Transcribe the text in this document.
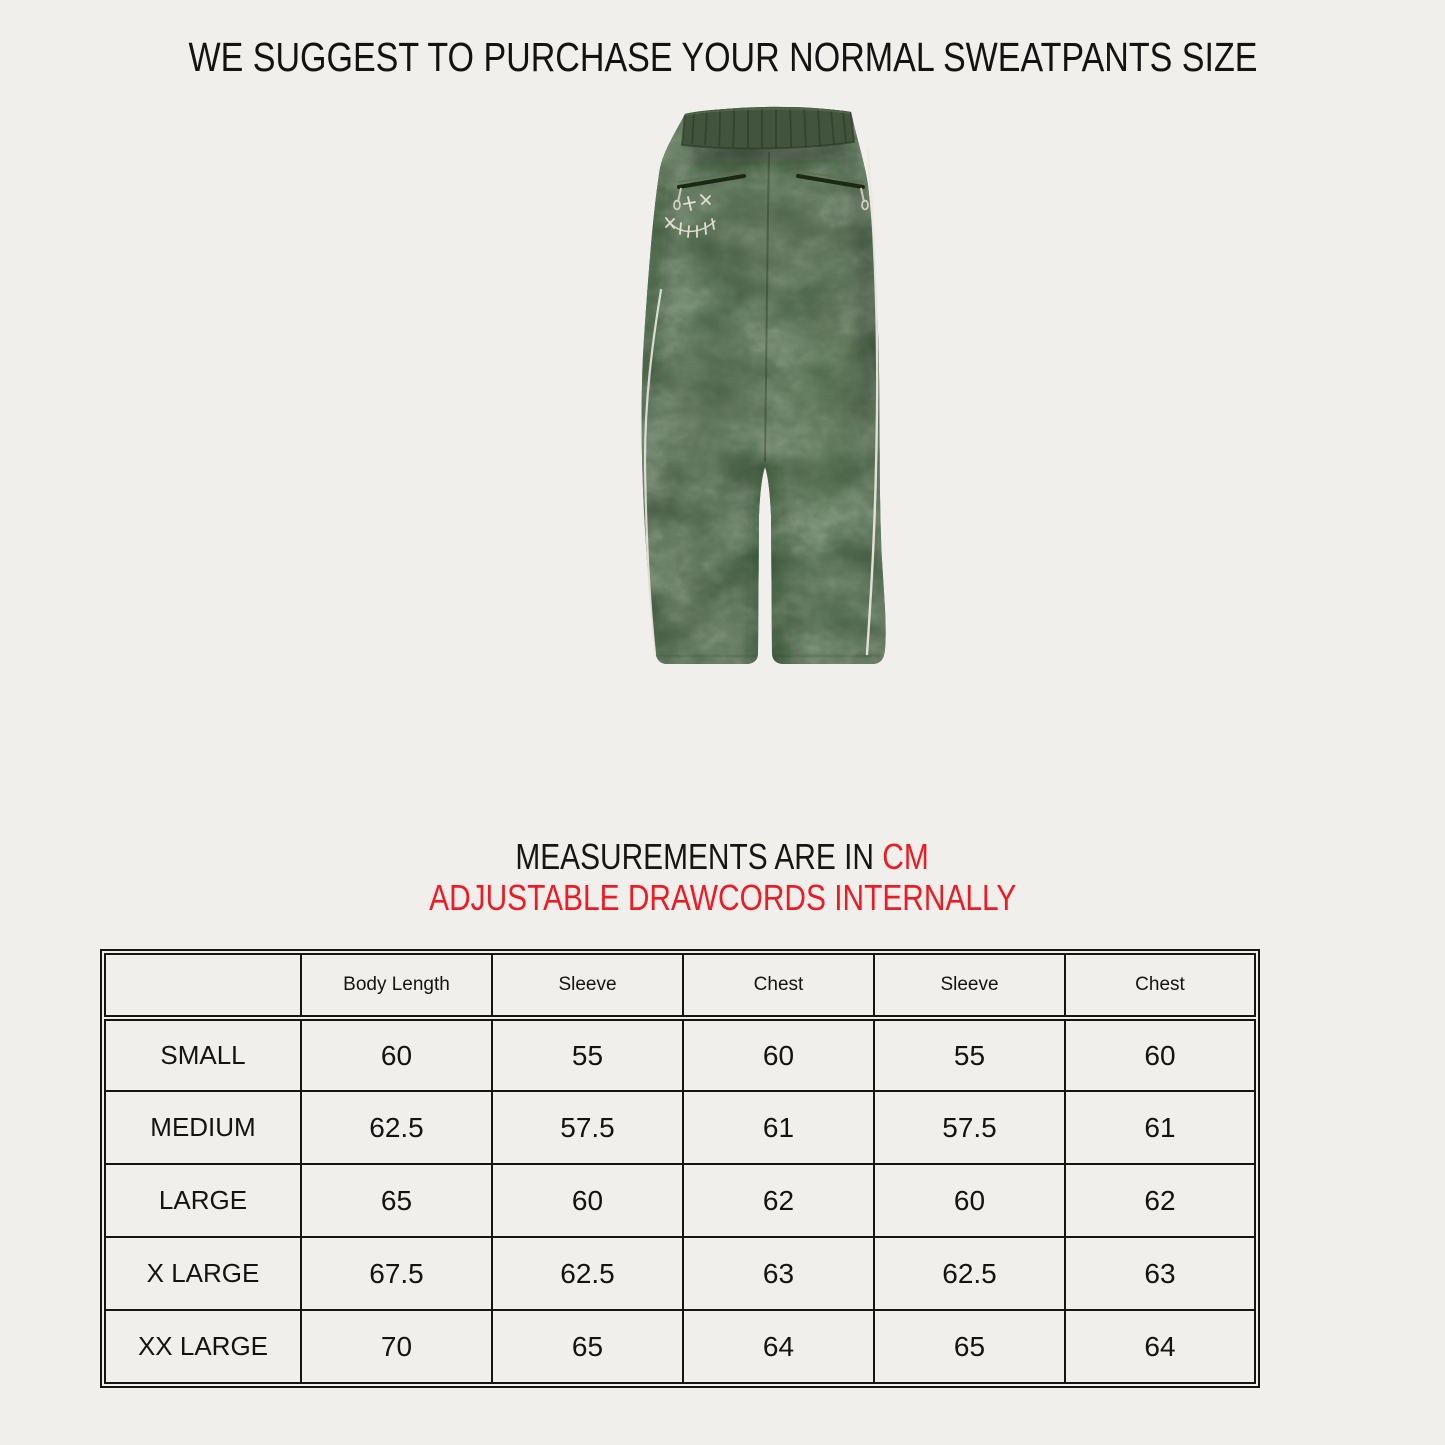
WE SUGGEST TO PURCHASE YOUR NORMAL SWEATPANTS SIZE
MEASUREMENTS ARE IN CM
ADJUSTABLE DRAWCORDS INTERNALLY
	Body Length	Sleeve	Chest	Sleeve	Chest
SMALL	60	55	60	55	60
MEDIUM	62.5	57.5	61	57.5	61
LARGE	65	60	62	60	62
X LARGE	67.5	62.5	63	62.5	63
XX LARGE	70	65	64	65	64
